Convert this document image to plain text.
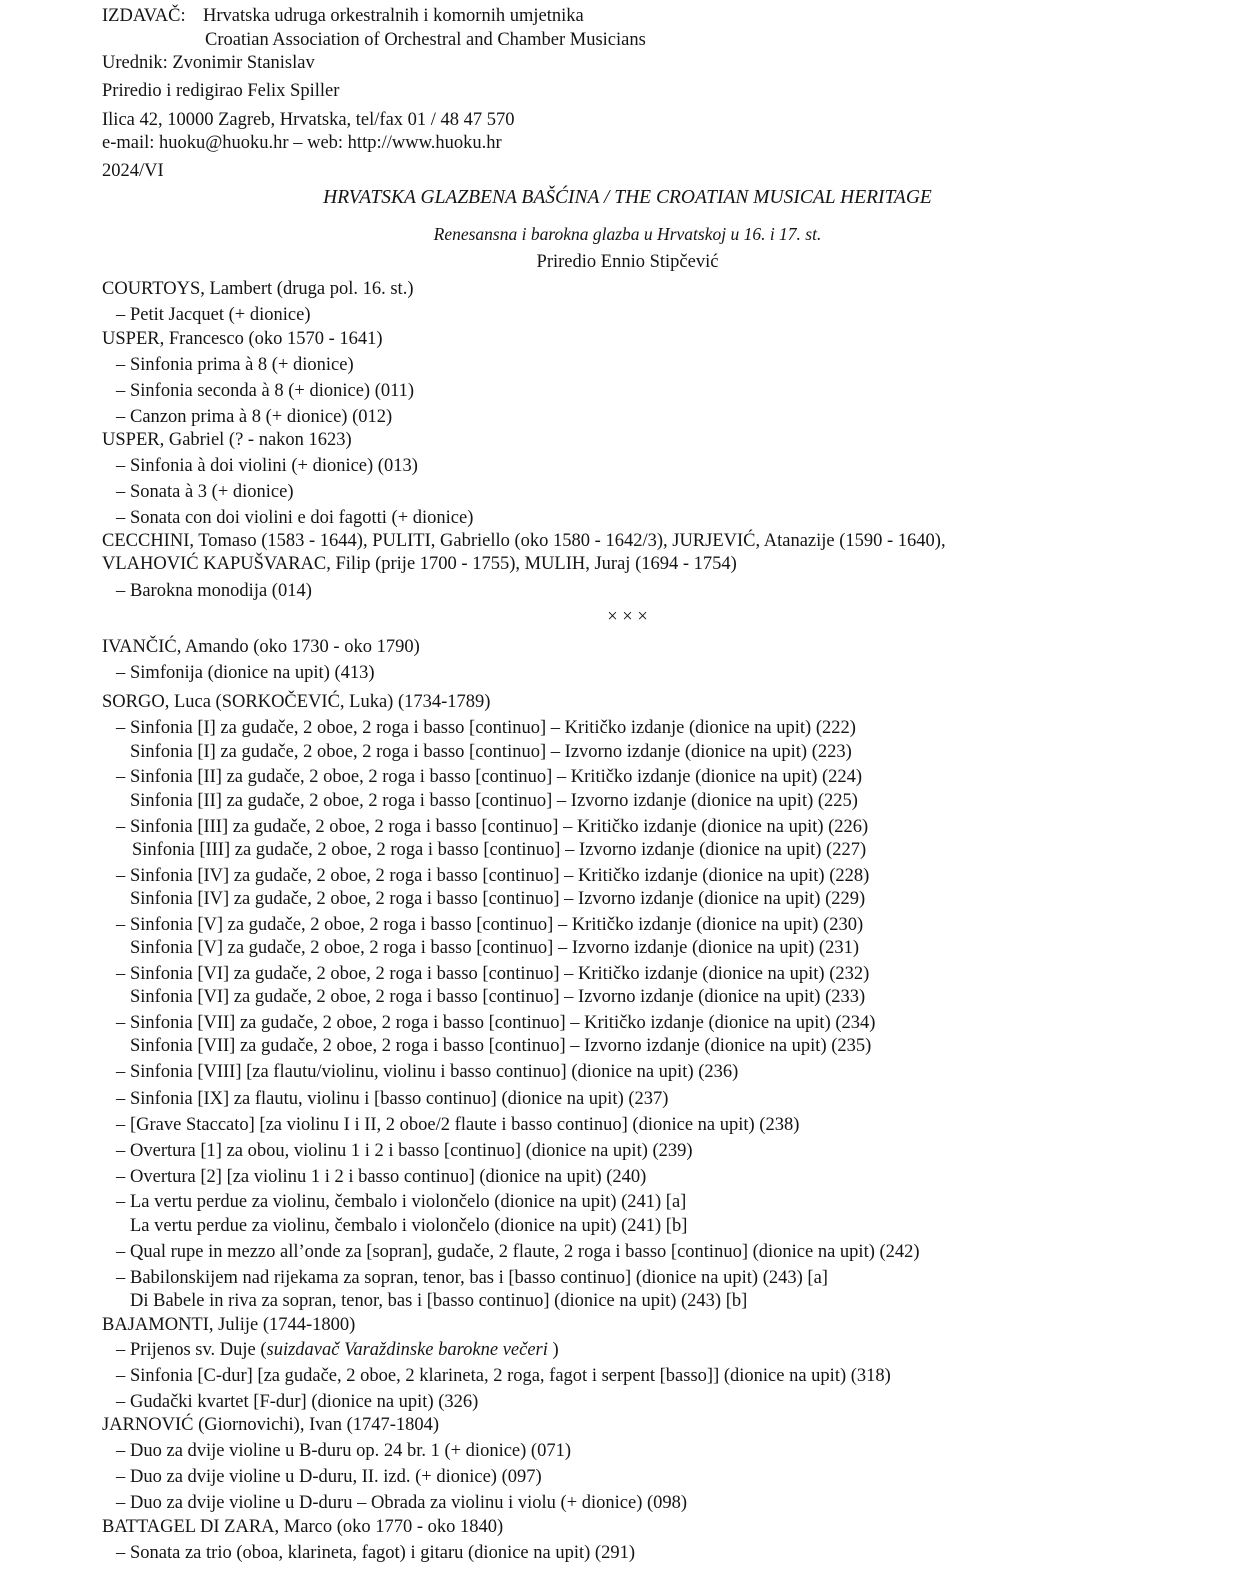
IZDAVAČ: Hrvatska udruga orkestralnih i komornih umjetnika
Croatian Association of Orchestral and Chamber Musicians
Urednik: Zvonimir Stanislav
Priredio i redigirao Felix Spiller
Ilica 42, 10000 Zagreb, Hrvatska, tel/fax 01 / 48 47 570
e-mail: huoku@huoku.hr – web: http://www.huoku.hr
2024/VI
HRVATSKA GLAZBENA BAŠĆINA / THE CROATIAN MUSICAL HERITAGE
Renesansna i barokna glazba u Hrvatskoj u 16. i 17. st.
Priredio Ennio Stipčević
COURTOYS, Lambert (druga pol. 16. st.)
– Petit Jacquet (+ dionice)
USPER, Francesco (oko 1570 - 1641)
– Sinfonia prima à 8 (+ dionice)
– Sinfonia seconda à 8 (+ dionice) (011)
– Canzon prima à 8 (+ dionice) (012)
USPER, Gabriel (? - nakon 1623)
– Sinfonia à doi violini (+ dionice) (013)
– Sonata à 3 (+ dionice)
– Sonata con doi violini e doi fagotti (+ dionice)
CECCHINI, Tomaso (1583 - 1644), PULITI, Gabriello (oko 1580 - 1642/3), JURJEVIĆ, Atanazije (1590 - 1640),
VLAHOVIĆ KAPUŠVARAC, Filip (prije 1700 - 1755), MULIH, Juraj (1694 - 1754)
– Barokna monodija (014)
× × ×
IVANČIĆ, Amando (oko 1730 - oko 1790)
– Simfonija (dionice na upit) (413)
SORGO, Luca (SORKOČEVIĆ, Luka) (1734-1789)
– Sinfonia [I] za gudače, 2 oboe, 2 roga i basso [continuo] – Kritičko izdanje (dionice na upit) (222)
Sinfonia [I] za gudače, 2 oboe, 2 roga i basso [continuo] – Izvorno izdanje (dionice na upit) (223)
– Sinfonia [II] za gudače, 2 oboe, 2 roga i basso [continuo] – Kritičko izdanje (dionice na upit) (224)
Sinfonia [II] za gudače, 2 oboe, 2 roga i basso [continuo] – Izvorno izdanje (dionice na upit) (225)
– Sinfonia [III] za gudače, 2 oboe, 2 roga i basso [continuo] – Kritičko izdanje (dionice na upit) (226)
Sinfonia [III] za gudače, 2 oboe, 2 roga i basso [continuo] – Izvorno izdanje (dionice na upit) (227)
– Sinfonia [IV] za gudače, 2 oboe, 2 roga i basso [continuo] – Kritičko izdanje (dionice na upit) (228)
Sinfonia [IV] za gudače, 2 oboe, 2 roga i basso [continuo] – Izvorno izdanje (dionice na upit) (229)
– Sinfonia [V] za gudače, 2 oboe, 2 roga i basso [continuo] – Kritičko izdanje (dionice na upit) (230)
Sinfonia [V] za gudače, 2 oboe, 2 roga i basso [continuo] – Izvorno izdanje (dionice na upit) (231)
– Sinfonia [VI] za gudače, 2 oboe, 2 roga i basso [continuo] – Kritičko izdanje (dionice na upit) (232)
Sinfonia [VI] za gudače, 2 oboe, 2 roga i basso [continuo] – Izvorno izdanje (dionice na upit) (233)
– Sinfonia [VII] za gudače, 2 oboe, 2 roga i basso [continuo] – Kritičko izdanje (dionice na upit) (234)
Sinfonia [VII] za gudače, 2 oboe, 2 roga i basso [continuo] – Izvorno izdanje (dionice na upit) (235)
– Sinfonia [VIII] [za flautu/violinu, violinu i basso continuo] (dionice na upit) (236)
– Sinfonia [IX] za flautu, violinu i [basso continuo] (dionice na upit) (237)
– [Grave Staccato] [za violinu I i II, 2 oboe/2 flaute i basso continuo] (dionice na upit) (238)
– Overtura [1] za obou, violinu 1 i 2 i basso [continuo] (dionice na upit) (239)
– Overtura [2] [za violinu 1 i 2 i basso continuo] (dionice na upit) (240)
– La vertu perdue za violinu, čembalo i violončelo (dionice na upit) (241) [a]
La vertu perdue za violinu, čembalo i violončelo (dionice na upit) (241) [b]
– Qual rupe in mezzo all’onde za [sopran], gudače, 2 flaute, 2 roga i basso [continuo] (dionice na upit) (242)
– Babilonskijem nad rijekama za sopran, tenor, bas i [basso continuo] (dionice na upit) (243) [a]
Di Babele in riva za sopran, tenor, bas i [basso continuo] (dionice na upit) (243) [b]
BAJAMONTI, Julije (1744-1800)
– Prijenos sv. Duje (suizdavač Varaždinske barokne večeri )
– Sinfonia [C-dur] [za gudače, 2 oboe, 2 klarineta, 2 roga, fagot i serpent [basso]] (dionice na upit) (318)
– Gudački kvartet [F-dur] (dionice na upit) (326)
JARNOVIĆ (Giornovichi), Ivan (1747-1804)
– Duo za dvije violine u B-duru op. 24 br. 1 (+ dionice) (071)
– Duo za dvije violine u D-duru, II. izd. (+ dionice) (097)
– Duo za dvije violine u D-duru – Obrada za violinu i violu (+ dionice) (098)
BATTAGEL DI ZARA, Marco (oko 1770 - oko 1840)
– Sonata za trio (oboa, klarineta, fagot) i gitaru (dionice na upit) (291)
